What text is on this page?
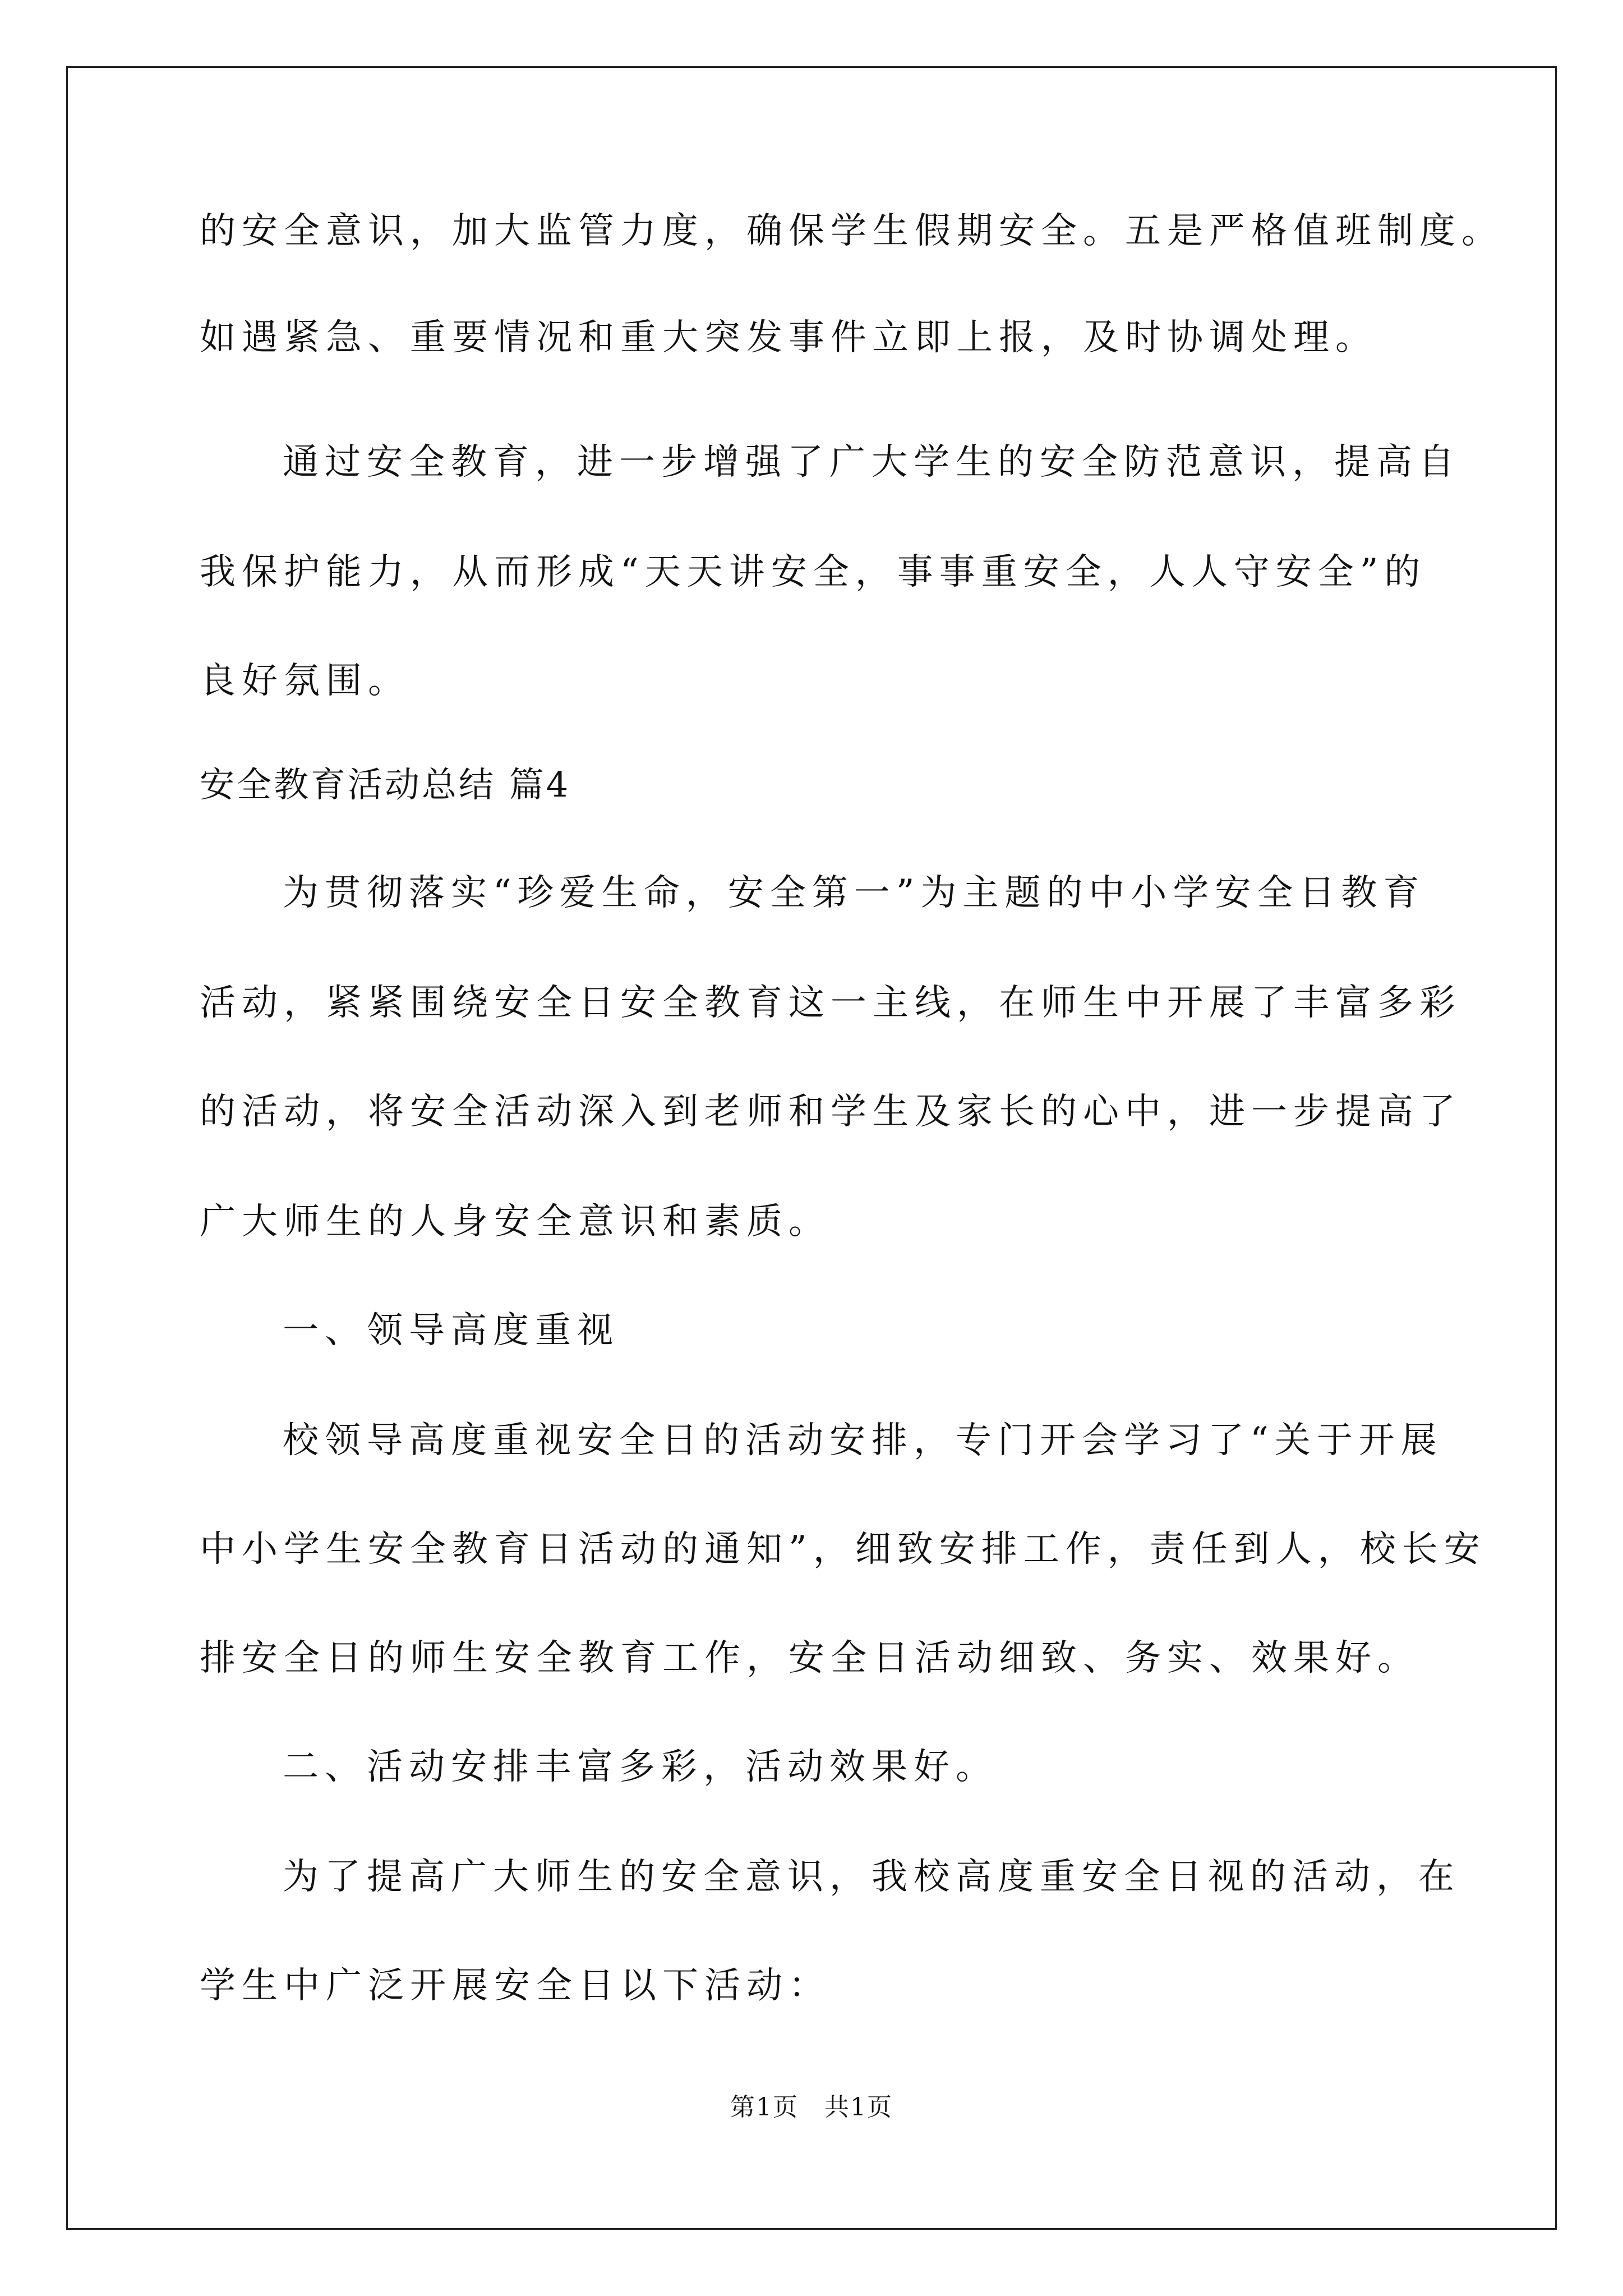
的安全意识，加大监管力度，确保学生假期安全。五是严格值班制度。
如遇紧急、重要情况和重大突发事件立即上报，及时协调处理。
通过安全教育，进一步增强了广大学生的安全防范意识，提高自
我保护能力，从而形成“天天讲安全，事事重安全，人人守安全”的
良好氛围。
安全教育活动总结 篇4
为贯彻落实“珍爱生命，安全第一”为主题的中小学安全日教育
活动，紧紧围绕安全日安全教育这一主线，在师生中开展了丰富多彩
的活动，将安全活动深入到老师和学生及家长的心中，进一步提高了
广大师生的人身安全意识和素质。
一、领导高度重视
校领导高度重视安全日的活动安排，专门开会学习了“关于开展
中小学生安全教育日活动的通知”，细致安排工作，责任到人，校长安
排安全日的师生安全教育工作，安全日活动细致、务实、效果好。
二、活动安排丰富多彩，活动效果好。
为了提高广大师生的安全意识，我校高度重安全日视的活动，在
学生中广泛开展安全日以下活动：
第1页　共1页
